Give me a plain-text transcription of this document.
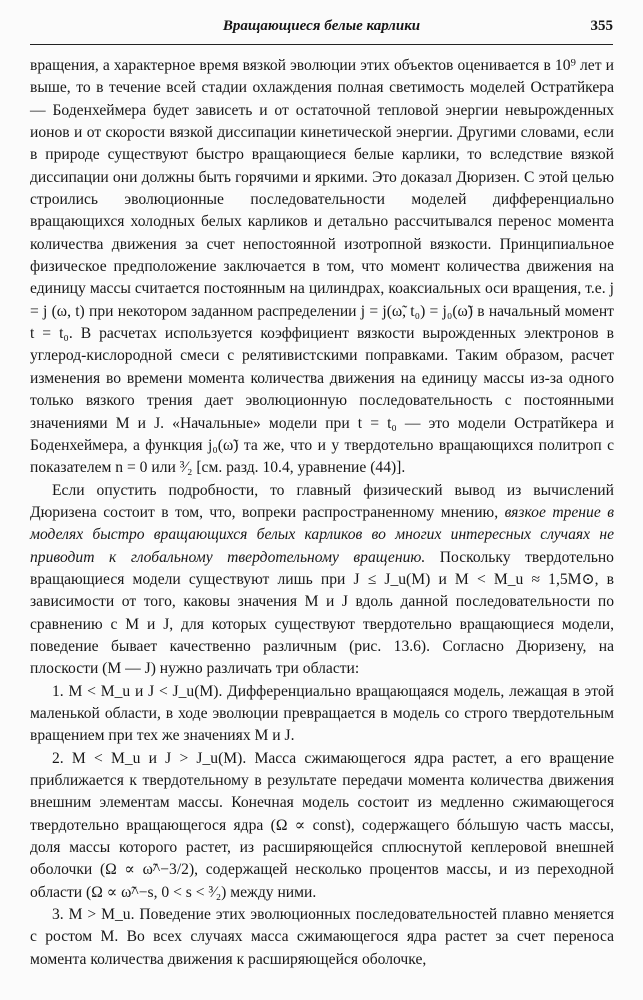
Вращающиеся белые карлики	355

вращения, а характерное время вязкой эволюции этих объектов оценивается в 10⁹ лет и выше, то в течение всей стадии охлаждения полная светимость моделей Остратйкера — Боденхеймера будет зависеть и от остаточной тепловой энергии невырожденных ионов и от скорости вязкой диссипации кинетической энергии. Другими словами, если в природе существуют быстро вращающиеся белые карлики, то вследствие вязкой диссипации они должны быть горячими и яркими. Это доказал Дюризен. С этой целью строились эволюционные последовательности моделей дифференциально вращающихся холодных белых карликов и детально рассчитывался перенос момента количества движения за счет непостоянной изотропной вязкости. Принципиальное физическое предположение заключается в том, что момент количества движения на единицу массы считается постоянным на цилиндрах, коаксиальных оси вращения, т.е. j = j (ω, t) при некотором заданном распределении j = j(ω̃, t₀) = j₀(ω̃) в начальный момент t = t₀. В расчетах используется коэффициент вязкости вырожденных электронов в углерод-кислородной смеси с релятивистскими поправками. Таким образом, расчет изменения во времени момента количества движения на единицу массы из-за одного только вязкого трения дает эволюционную последовательность с постоянными значениями M и J. «Начальные» модели при t = t₀ — это модели Остратйкера и Боденхеймера, а функция j₀(ω̃) та же, что и у твердотельно вращающихся политроп с показателем n = 0 или ³⁄₂ [см. разд. 10.4, уравнение (44)].

Если опустить подробности, то главный физический вывод из вычислений Дюризена состоит в том, что, вопреки распространенному мнению, вязкое трение в моделях быстро вращающихся белых карликов во многих интересных случаях не приводит к глобальному твердотельному вращению. Поскольку твердотельно вращающиеся модели существуют лишь при J ≤ J_u(M) и M < M_u ≈ 1,5M⊙, в зависимости от того, каковы значения M и J вдоль данной последовательности по сравнению с M и J, для которых существуют твердотельно вращающиеся модели, поведение бывает качественно различным (рис. 13.6). Согласно Дюризену, на плоскости (M — J) нужно различать три области:

1. M < M_u и J < J_u(M). Дифференциально вращающаяся модель, лежащая в этой маленькой области, в ходе эволюции превращается в модель со строго твердотельным вращением при тех же значениях M и J.

2. M < M_u и J > J_u(M). Масса сжимающегося ядра растет, а его вращение приближается к твердотельному в результате передачи момента количества движения внешним элементам массы. Конечная модель состоит из медленно сжимающегося твердотельно вращающегося ядра (Ω ∝ const), содержащего бóльшую часть массы, доля массы которого растет, из расширяющейся сплюснутой кеплеровой внешней оболочки (Ω ∝ ω̃^−3/2), содержащей несколько процентов массы, и из переходной области (Ω ∝ ω̃^−s, 0 < s < ³⁄₂) между ними.

3. M > M_u. Поведение этих эволюционных последовательностей плавно меняется с ростом M. Во всех случаях масса сжимающегося ядра растет за счет переноса момента количества движения к расширяющейся оболочке,
